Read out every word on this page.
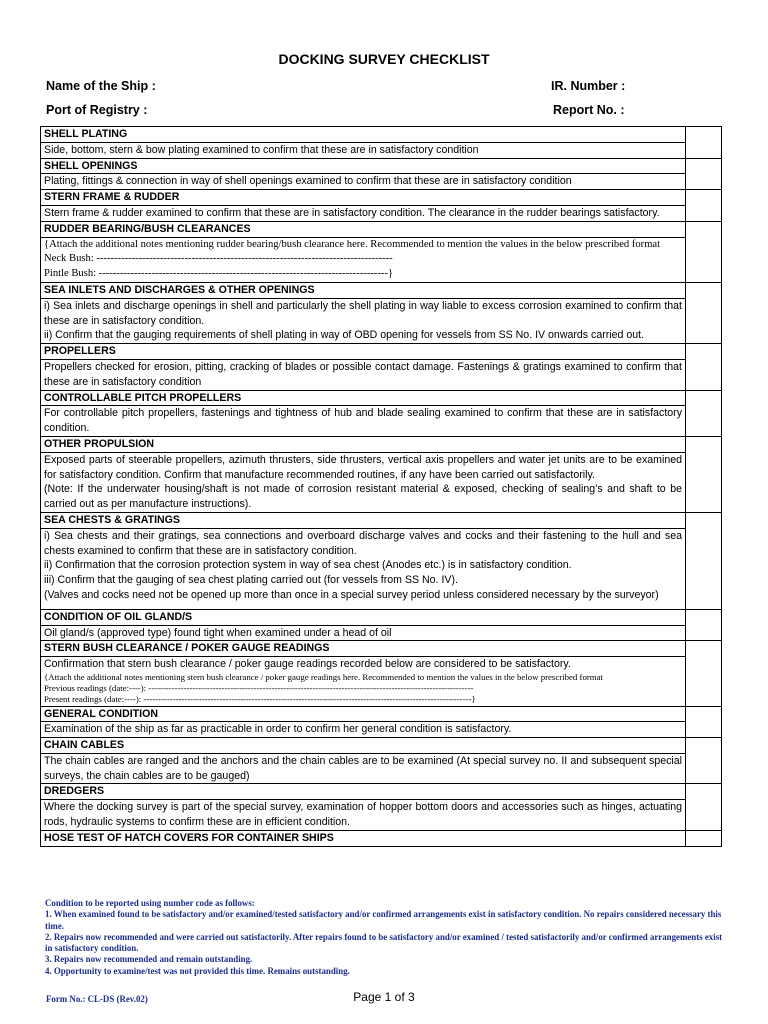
DOCKING SURVEY CHECKLIST
Name of the Ship :	IR. Number :
Port of Registry :	Report No. :
SHELL PLATING	
Side, bottom, stern & bow plating examined to confirm that these are in satisfactory condition	
SHELL OPENINGS	
Plating, fittings & connection in way of shell openings examined to confirm that these are in satisfactory condition	
STERN FRAME & RUDDER	
Stern frame & rudder examined to confirm that these are in satisfactory condition. The clearance in the rudder bearings satisfactory.	
RUDDER BEARING/BUSH CLEARANCES	

{Attach the additional notes mentioning rudder bearing/bush clearance here. Recommended to mention the values in the below prescribed format
Neck Bush: ------------------------------------------------------------------------------------
Pintle Bush: ----------------------------------------------------------------------------------}	

SEA INLETS AND DISCHARGES & OTHER OPENINGS	

i) Sea inlets and discharge openings in shell and particularly the shell plating in way liable to excess corrosion examined to confirm that these are in satisfactory condition.
ii) Confirm that the gauging requirements of shell plating in way of OBD opening for vessels from SS No. IV onwards carried out.	

PROPELLERS	
Propellers checked for erosion, pitting, cracking of blades or possible contact damage. Fastenings & gratings examined to confirm that these are in satisfactory condition	
CONTROLLABLE PITCH PROPELLERS	
For controllable pitch propellers, fastenings and tightness of hub and blade sealing examined to confirm that these are in satisfactory condition.	
OTHER PROPULSION	

Exposed parts of steerable propellers, azimuth thrusters, side thrusters, vertical axis propellers and water jet units are to be examined for satisfactory condition. Confirm that manufacture recommended routines, if any have been carried out satisfactorily.
(Note: If the underwater housing/shaft is not made of corrosion resistant material & exposed, checking of sealing’s and shaft to be carried out as per manufacture instructions).	

SEA CHESTS & GRATINGS	

i) Sea chests and their gratings, sea connections and overboard discharge valves and cocks and their fastening to the hull and sea chests examined to confirm that these are in satisfactory condition.
ii) Confirmation that the corrosion protection system in way of sea chest (Anodes etc.) is in satisfactory condition.
iii) Confirm that the gauging of sea chest plating carried out (for vessels from SS No. IV).
(Valves and cocks need not be opened up more than once in a special survey period unless considered necessary by the surveyor)	

CONDITION OF OIL GLAND/S	
Oil gland/s (approved type) found tight when examined under a head of oil	
STERN BUSH CLEARANCE / POKER GAUGE READINGS	

Confirmation that stern bush clearance / poker gauge readings recorded below are considered to be satisfactory.
{Attach the additional notes mentioning stern bush clearance / poker gauge readings here. Recommended to mention the values in the below prescribed format
Previous readings (date:----): ---------------------------------------------------------------------------------------------------------------
Present readings (date:----): ----------------------------------------------------------------------------------------------------------------}	

GENERAL CONDITION	
Examination of the ship as far as practicable in order to confirm her general condition is satisfactory.	
CHAIN CABLES	
The chain cables are ranged and the anchors and the chain cables are to be examined (At special survey no. II and subsequent special surveys, the chain cables are to be gauged)	
DREDGERS	
Where the docking survey is part of the special survey, examination of hopper bottom doors and accessories such as hinges, actuating rods, hydraulic systems to confirm these are in efficient condition.	
HOSE TEST OF HATCH COVERS FOR CONTAINER SHIPS	
Condition to be reported using number code as follows:
1. When examined found to be satisfactory and/or examined/tested satisfactory and/or confirmed arrangements exist in satisfactory condition. No repairs considered necessary this time.
2. Repairs now recommended and were carried out satisfactorily. After repairs found to be satisfactory and/or examined / tested satisfactorily and/or confirmed arrangements exist in satisfactory condition.
3. Repairs now recommended and remain outstanding.
4. Opportunity to examine/test was not provided this time. Remains outstanding.
Form No.: CL-DS (Rev.02)	Page 1 of 3
